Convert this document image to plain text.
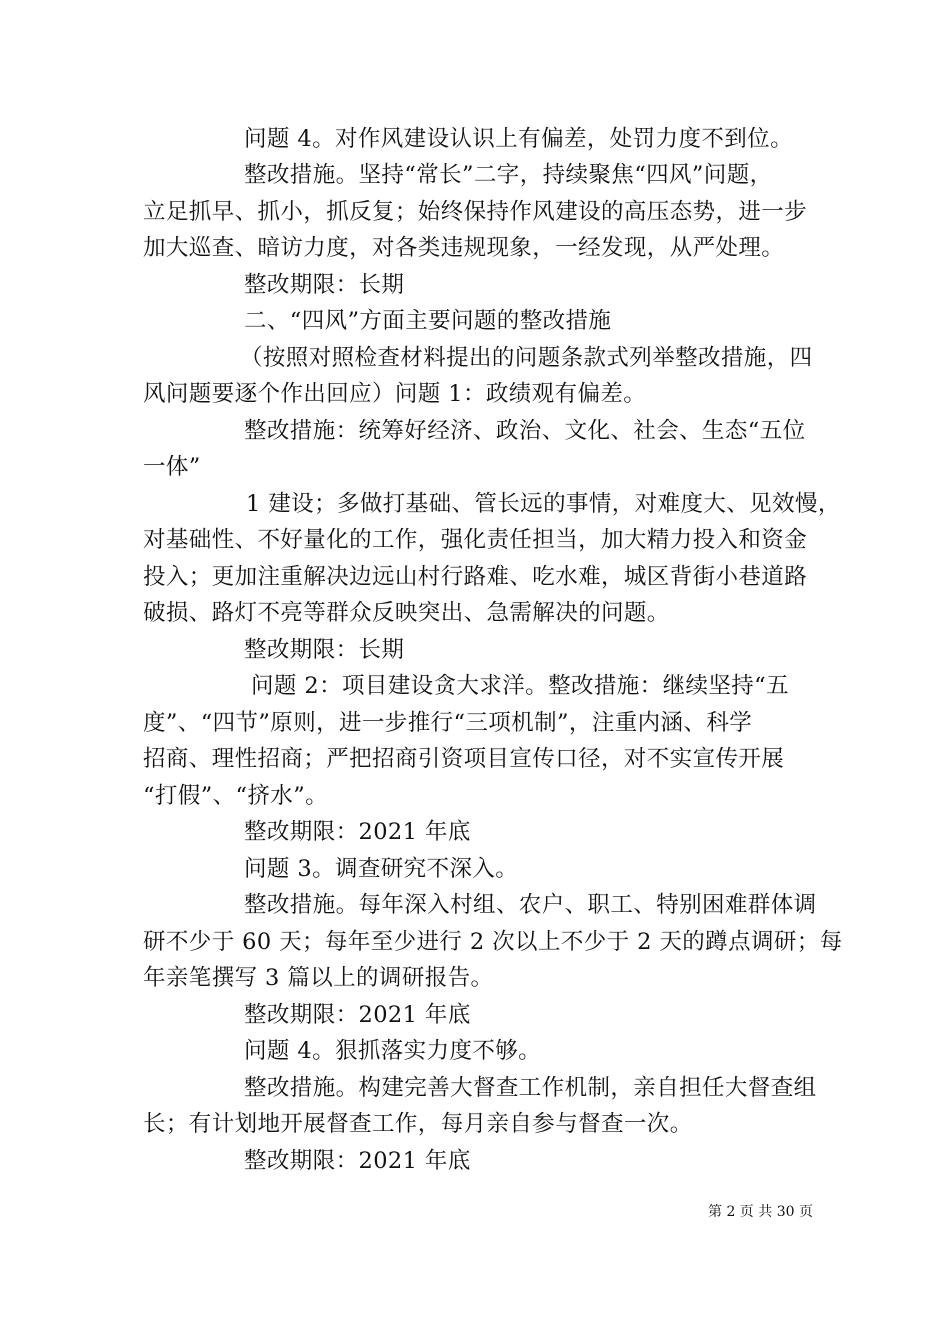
问题 4。对作风建设认识上有偏差，处罚力度不到位。
整改措施。坚持“常长”二字，持续聚焦“四风”问题，
立足抓早、抓小，抓反复；始终保持作风建设的高压态势，进一步
加大巡查、暗访力度，对各类违规现象，一经发现，从严处理。
整改期限：长期
二、“四风”方面主要问题的整改措施
（按照对照检查材料提出的问题条款式列举整改措施，四
风问题要逐个作出回应）问题 1：政绩观有偏差。
整改措施：统筹好经济、政治、文化、社会、生态“五位
一体”
1 建设；多做打基础、管长远的事情，对难度大、见效慢，
对基础性、不好量化的工作，强化责任担当，加大精力投入和资金
投入；更加注重解决边远山村行路难、吃水难，城区背街小巷道路
破损、路灯不亮等群众反映突出、急需解决的问题。
整改期限：长期
问题 2：项目建设贪大求洋。整改措施：继续坚持“五
度”、“四节”原则，进一步推行“三项机制”，注重内涵、科学
招商、理性招商；严把招商引资项目宣传口径，对不实宣传开展
“打假”、“挤水”。
整改期限：2021 年底
问题 3。调查研究不深入。
整改措施。每年深入村组、农户、职工、特别困难群体调
研不少于 60 天；每年至少进行 2 次以上不少于 2 天的蹲点调研；每
年亲笔撰写 3 篇以上的调研报告。
整改期限：2021 年底
问题 4。狠抓落实力度不够。
整改措施。构建完善大督查工作机制，亲自担任大督查组
长；有计划地开展督查工作，每月亲自参与督查一次。
整改期限：2021 年底
第 2 页 共 30 页
